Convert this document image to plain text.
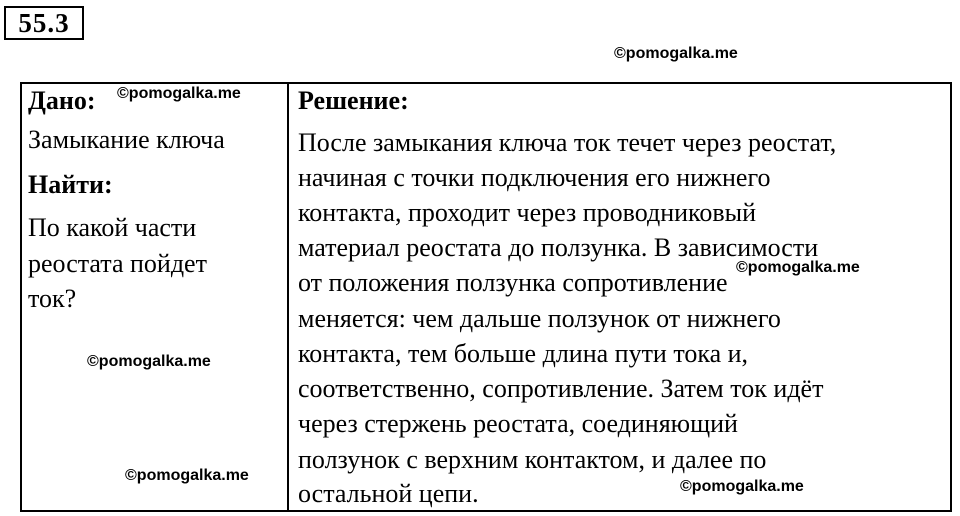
55.3
©pomogalka.me
Дано: ©pomogalka.me
Замыкание ключа
Найти:
По какой части
реостата пойдет
ток?
©pomogalka.me
©pomogalka.me
Решение:
После замыкания ключа ток течет через реостат,
начиная с точки подключения его нижнего
контакта, проходит через проводниковый
материал реостата до ползунка. В зависимости
©pomogalka.me
от положения ползунка сопротивление
меняется: чем дальше ползунок от нижнего
контакта, тем больше длина пути тока и,
соответственно, сопротивление. Затем ток идёт
через стержень реостата, соединяющий
ползунок с верхним контактом, и далее по
остальной цепи.	©pomogalka.me
